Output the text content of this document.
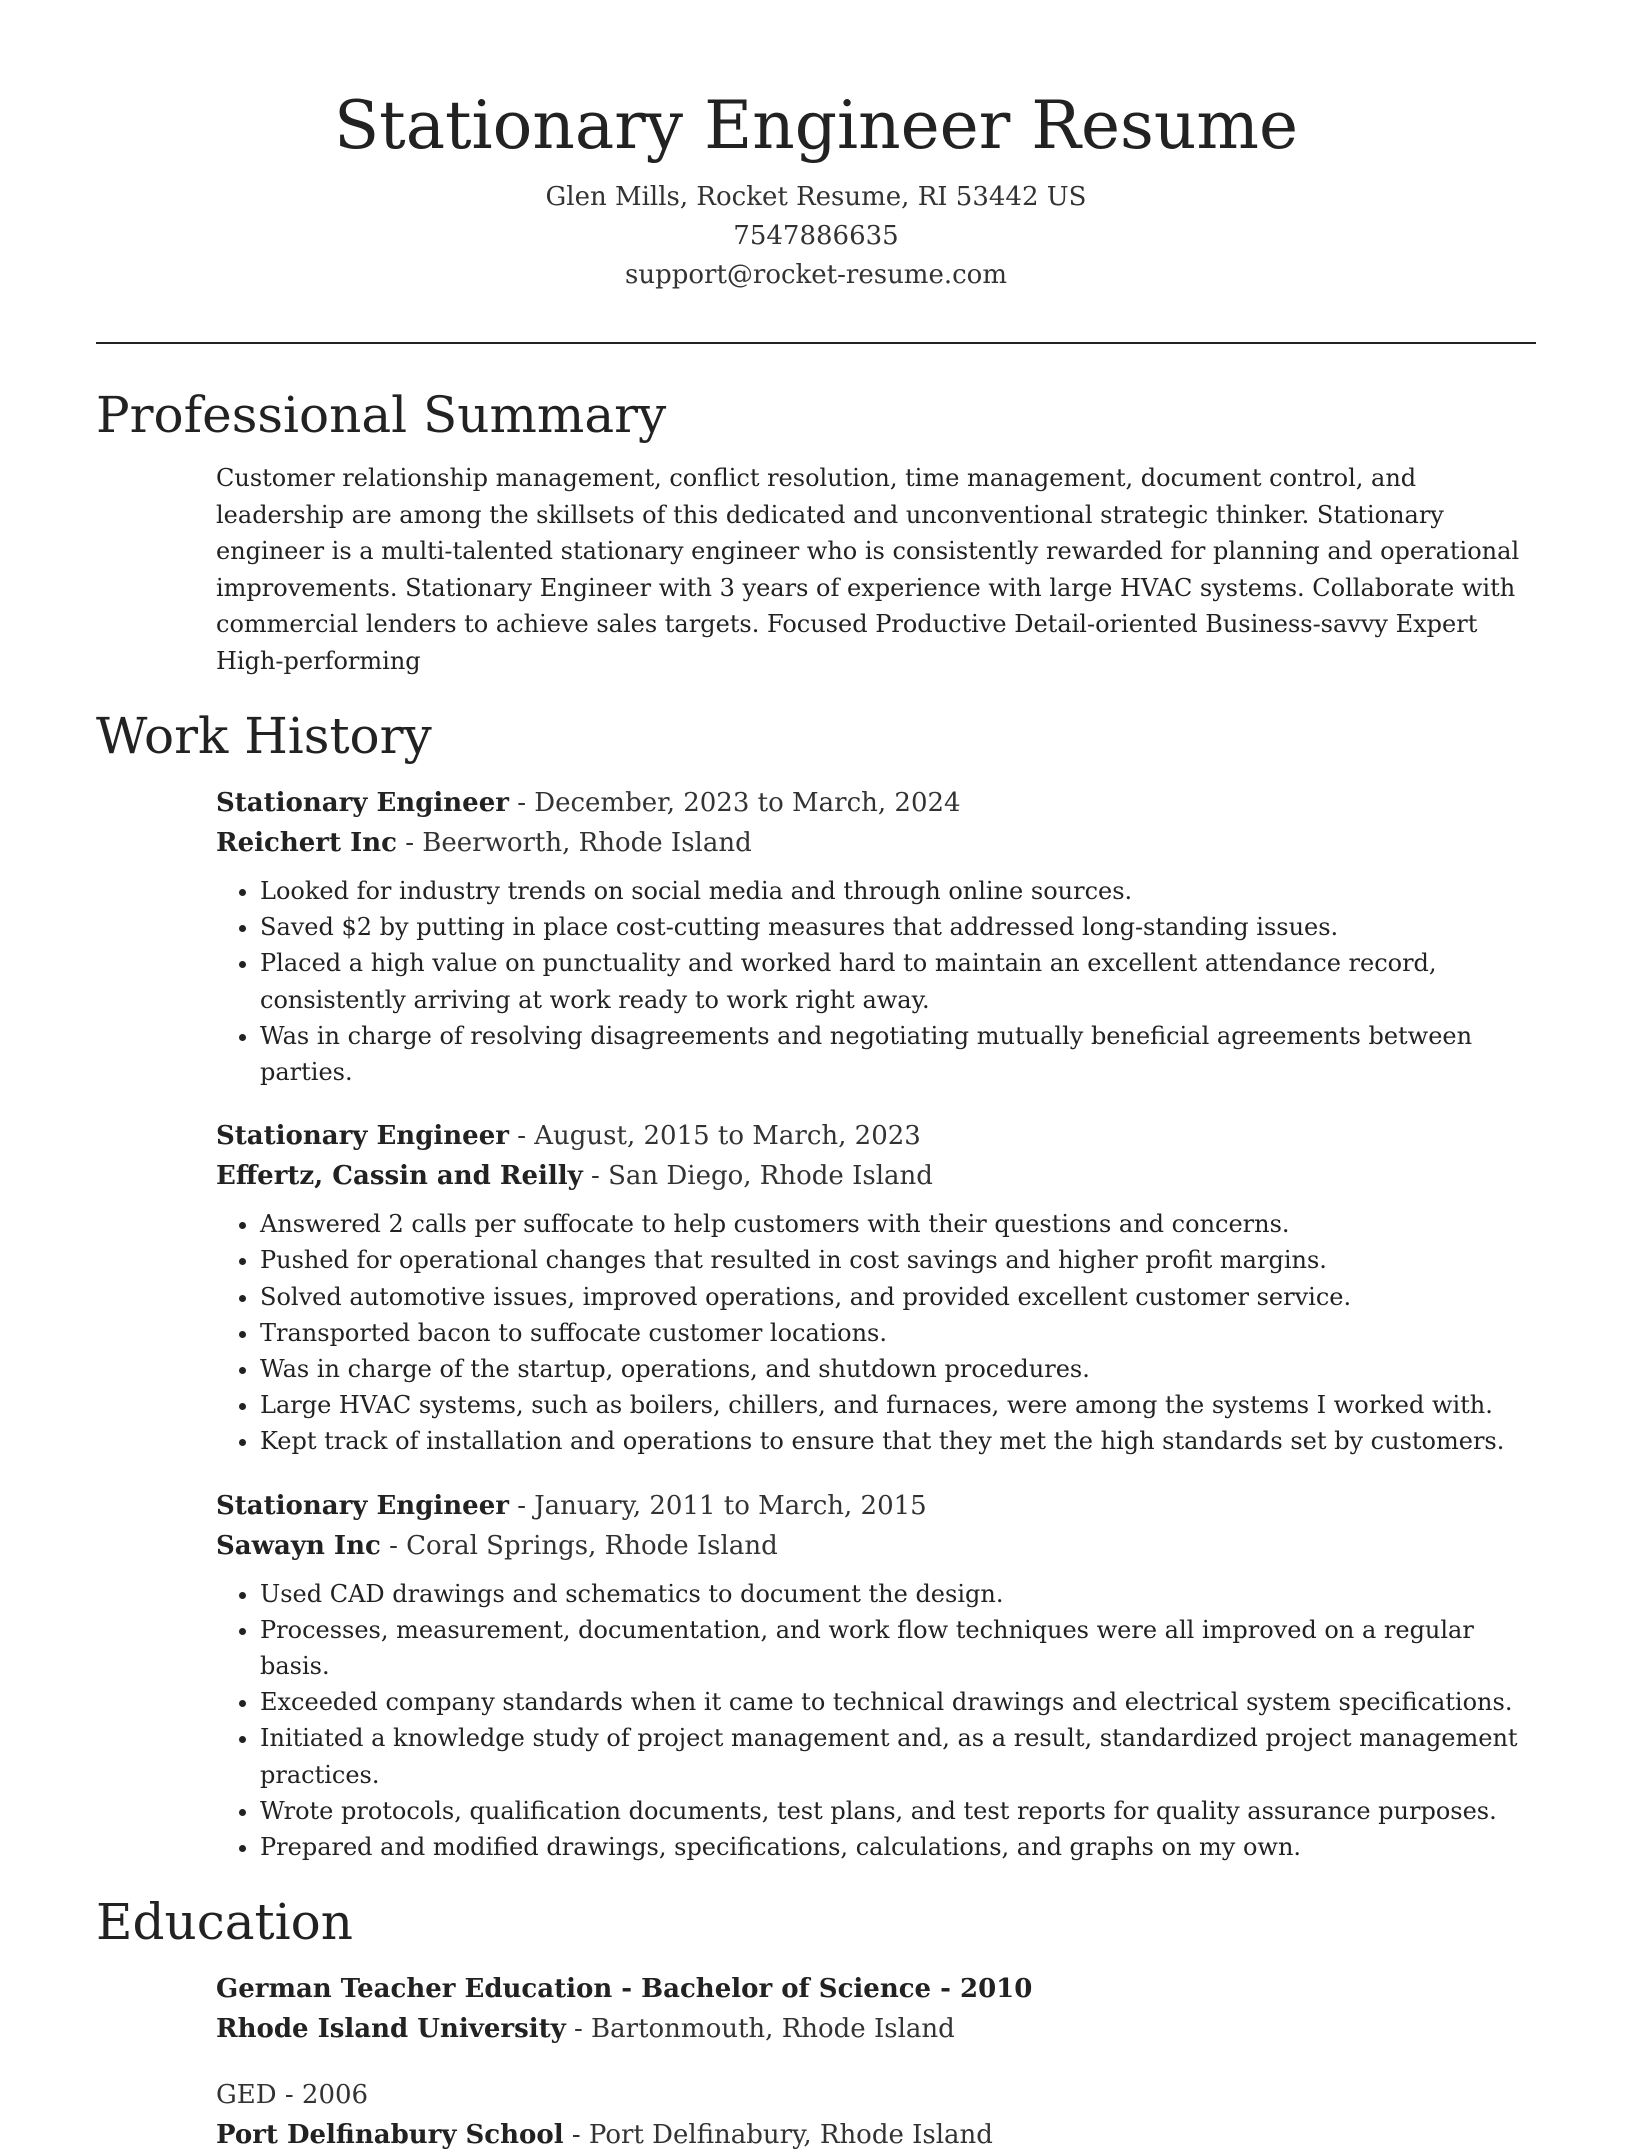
Stationary Engineer Resume
Glen Mills, Rocket Resume, RI 53442 US
7547886635
support@rocket-resume.com
Professional Summary

Customer relationship management, conflict resolution, time management, document control, and leadership are among the skillsets of this dedicated and unconventional strategic thinker. Stationary engineer is a multi-talented stationary engineer who is consistently rewarded for planning and operational improvements. Stationary Engineer with 3 years of experience with large HVAC systems. Collaborate with commercial lenders to achieve sales targets. Focused Productive Detail-oriented Business-savvy Expert High-performing

Work History
Stationary Engineer - December, 2023 to March, 2024
Reichert Inc - Beerworth, Rhode Island
• Looked for industry trends on social media and through online sources.
• Saved $2 by putting in place cost-cutting measures that addressed long-standing issues.
• Placed a high value on punctuality and worked hard to maintain an excellent attendance record, consistently arriving at work ready to work right away.
• Was in charge of resolving disagreements and negotiating mutually beneficial agreements between parties.
Stationary Engineer - August, 2015 to March, 2023
Effertz, Cassin and Reilly - San Diego, Rhode Island
• Answered 2 calls per suffocate to help customers with their questions and concerns.
• Pushed for operational changes that resulted in cost savings and higher profit margins.
• Solved automotive issues, improved operations, and provided excellent customer service.
• Transported bacon to suffocate customer locations.
• Was in charge of the startup, operations, and shutdown procedures.
• Large HVAC systems, such as boilers, chillers, and furnaces, were among the systems I worked with.
• Kept track of installation and operations to ensure that they met the high standards set by customers.
Stationary Engineer - January, 2011 to March, 2015
Sawayn Inc - Coral Springs, Rhode Island
• Used CAD drawings and schematics to document the design.
• Processes, measurement, documentation, and work flow techniques were all improved on a regular basis.
• Exceeded company standards when it came to technical drawings and electrical system specifications.
• Initiated a knowledge study of project management and, as a result, standardized project management practices.
• Wrote protocols, qualification documents, test plans, and test reports for quality assurance purposes.
• Prepared and modified drawings, specifications, calculations, and graphs on my own.
Education
German Teacher Education - Bachelor of Science - 2010
Rhode Island University - Bartonmouth, Rhode Island
GED - 2006
Port Delfinabury School - Port Delfinabury, Rhode Island
